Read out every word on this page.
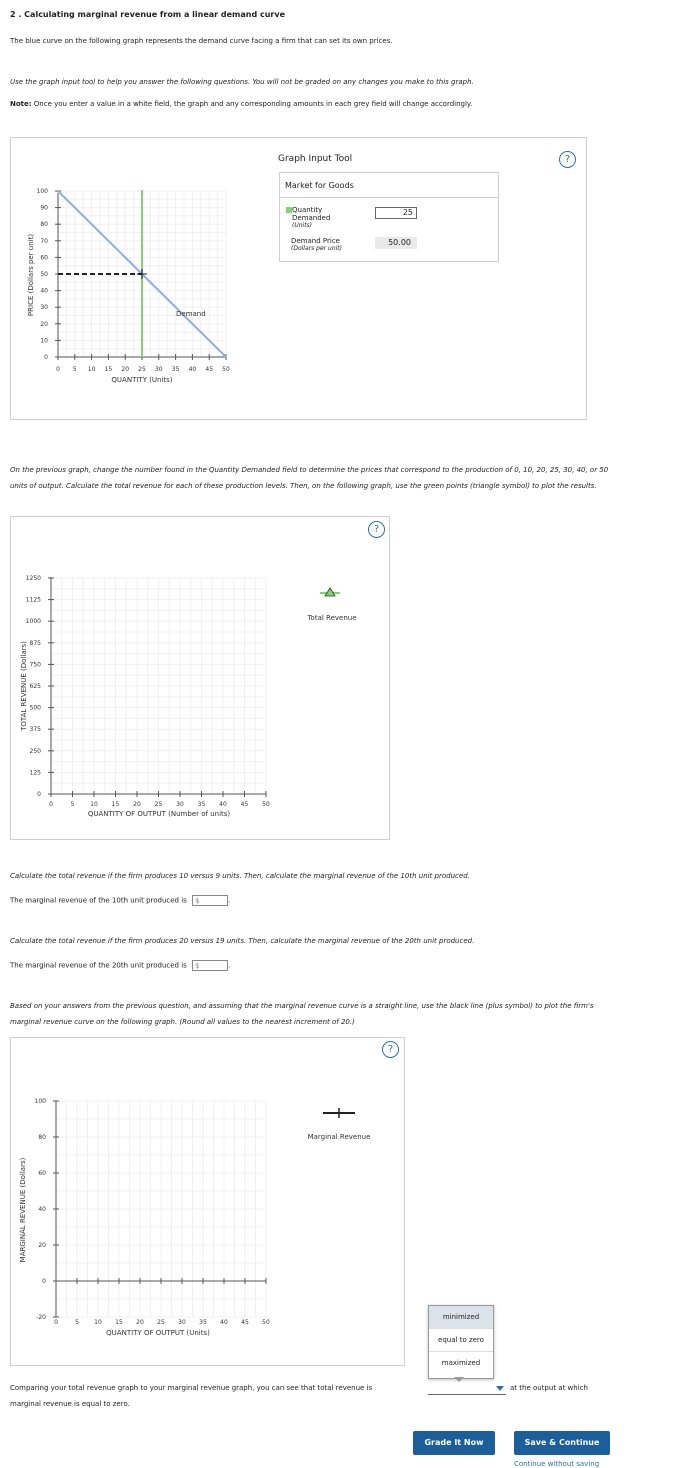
2 . Calculating marginal revenue from a linear demand curve
The blue curve on the following graph represents the demand curve facing a firm that can set its own prices.
Use the graph input tool to help you answer the following questions. You will not be graded on any changes you make to this graph.
Note: Once you enter a value in a white field, the graph and any corresponding amounts in each grey field will change accordingly.
100
90
80
70
60
50
40
30
20
10
0
0 5 10 15 20 25 30 35 40 45 50
Demand
QUANTITY (Units)
PRICE (Dollars per unit)
?
Graph Input Tool
Market for Goods
Quantity
Demanded
(Units)
25
Demand Price
(Dollars per unit)
50.00
On the previous graph, change the number found in the Quantity Demanded field to determine the prices that correspond to the production of 0, 10, 20, 25, 30, 40, or 50 units of output. Calculate the total revenue for each of these production levels. Then, on the following graph, use the green points (triangle symbol) to plot the results.
?
1250
1125
1000
875
750
625
500
375
250
125
0
0	5	10 15 20 25 30 35 40 45 50
Total Revenue
QUANTITY OF OUTPUT (Number of units)
TOTAL REVENUE (Dollars)
Calculate the total revenue if the firm produces 10 versus 9 units. Then, calculate the marginal revenue of the 10th unit produced.
The marginal revenue of the 10th unit produced is $	.
Calculate the total revenue if the firm produces 20 versus 19 units. Then, calculate the marginal revenue of the 20th unit produced.
The marginal revenue of the 20th unit produced is $	.
Based on your answers from the previous question, and assuming that the marginal revenue curve is a straight line, use the black line (plus symbol) to plot the firm's marginal revenue curve on the following graph. (Round all values to the nearest increment of 20.)
?
100
80
60
40
20
0
-20
0	5	10 15 20 25 30 35 40 45 50
Marginal Revenue
QUANTITY OF OUTPUT (Units)
MARGINAL REVENUE (Dollars)
minimized
equal to zero
maximized
Comparing your total revenue graph to your marginal revenue graph, you can see that total revenue is	at the output at which
marginal revenue is equal to zero.
Grade It Now	Save & Continue
Continue without saving
